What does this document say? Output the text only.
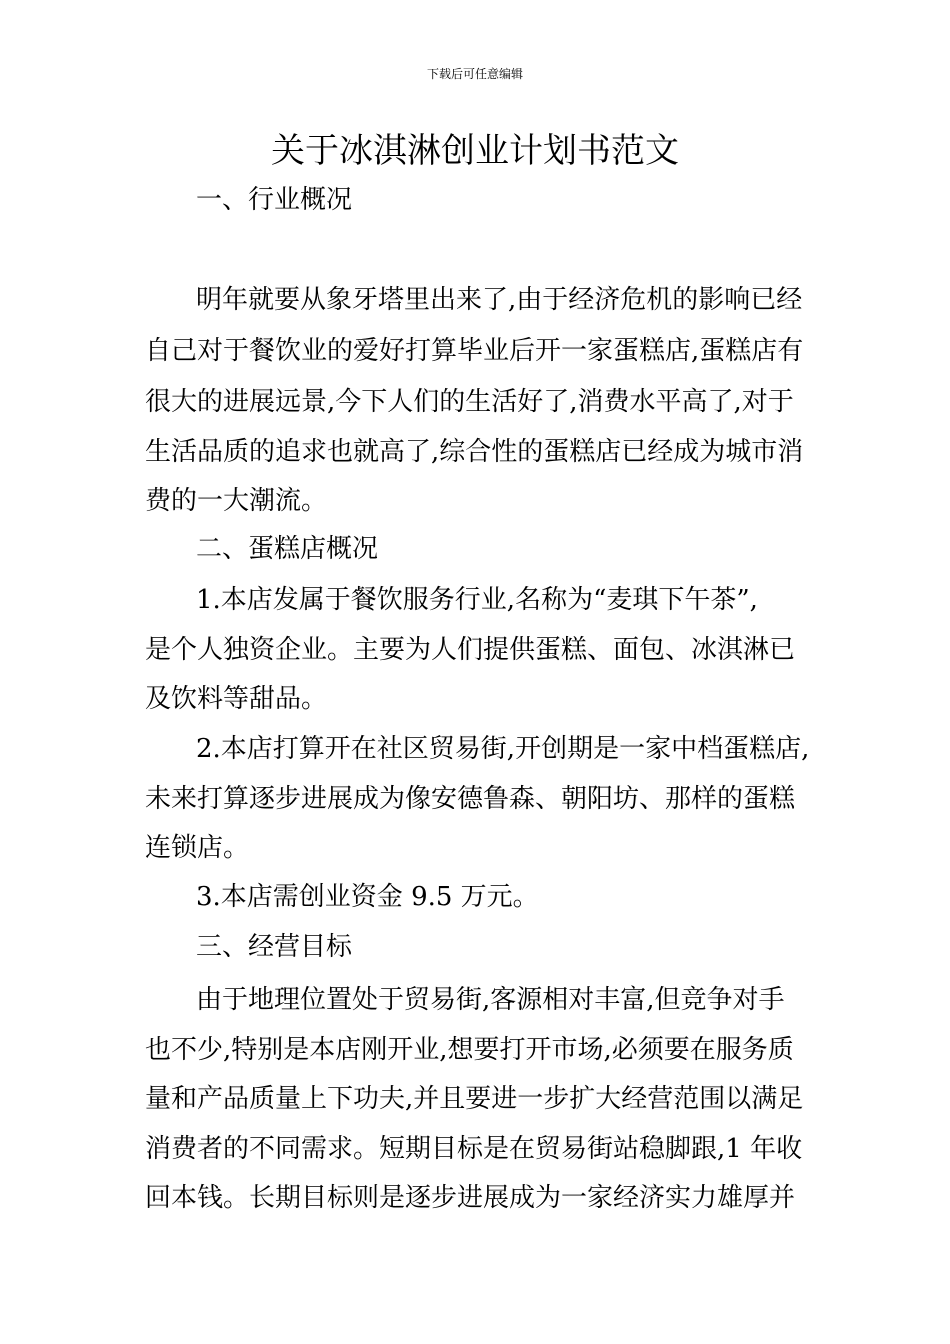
下载后可任意编辑
关于冰淇淋创业计划书范文
一、行业概况
明年就要从象牙塔里出来了,由于经济危机的影响已经
自己对于餐饮业的爱好打算毕业后开一家蛋糕店,蛋糕店有
很大的进展远景,今下人们的生活好了,消费水平高了,对于
生活品质的追求也就高了,综合性的蛋糕店已经成为城市消
费的一大潮流。
二、蛋糕店概况
1.本店发属于餐饮服务行业,名称为“麦琪下午茶”,
是个人独资企业。主要为人们提供蛋糕、面包、冰淇淋已
及饮料等甜品。
2.本店打算开在社区贸易街,开创期是一家中档蛋糕店,
未来打算逐步进展成为像安德鲁森、朝阳坊、那样的蛋糕
连锁店。
3.本店需创业资金 9.5 万元。
三、经营目标
由于地理位置处于贸易街,客源相对丰富,但竞争对手
也不少,特别是本店刚开业,想要打开市场,必须要在服务质
量和产品质量上下功夫,并且要进一步扩大经营范围以满足
消费者的不同需求。短期目标是在贸易街站稳脚跟,1 年收
回本钱。长期目标则是逐步进展成为一家经济实力雄厚并
